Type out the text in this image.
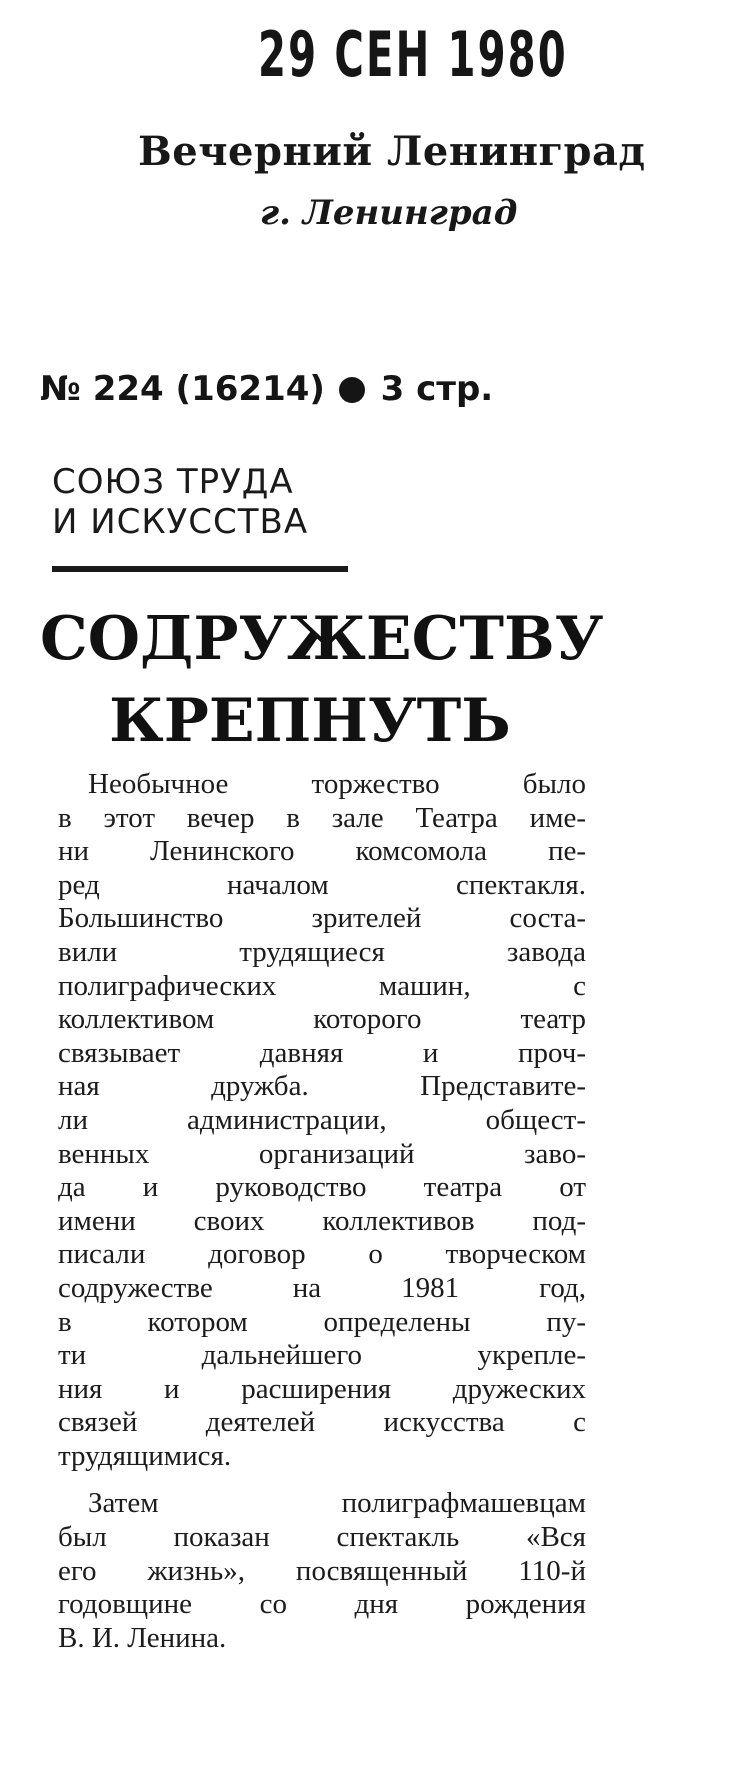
29 СЕН 1980
Вечерний Ленинград
г. Ленинград
№ 224 (16214) 3 стр.
СОЮЗ ТРУДА
И ИСКУССТВА
СОДРУЖЕСТВУ
КРЕПНУТЬ
Необычное торжество было
в этот вечер в зале Театра име-
ни Ленинского комсомола пе-
ред началом спектакля.
Большинство зрителей соста-
вили трудящиеся завода
полиграфических машин, с
коллективом которого театр
связывает давняя и проч-
ная дружба. Представите-
ли администрации, общест-
венных организаций заво-
да и руководство театра от
имени своих коллективов под-
писали договор о творческом
содружестве на 1981 год,
в котором определены пу-
ти дальнейшего укрепле-
ния и расширения дружеских
связей деятелей искусства с
трудящимися.
Затем полиграфмашевцам
был показан спектакль «Вся
его жизнь», посвященный 110-й
годовщине со дня рождения
В. И. Ленина.
